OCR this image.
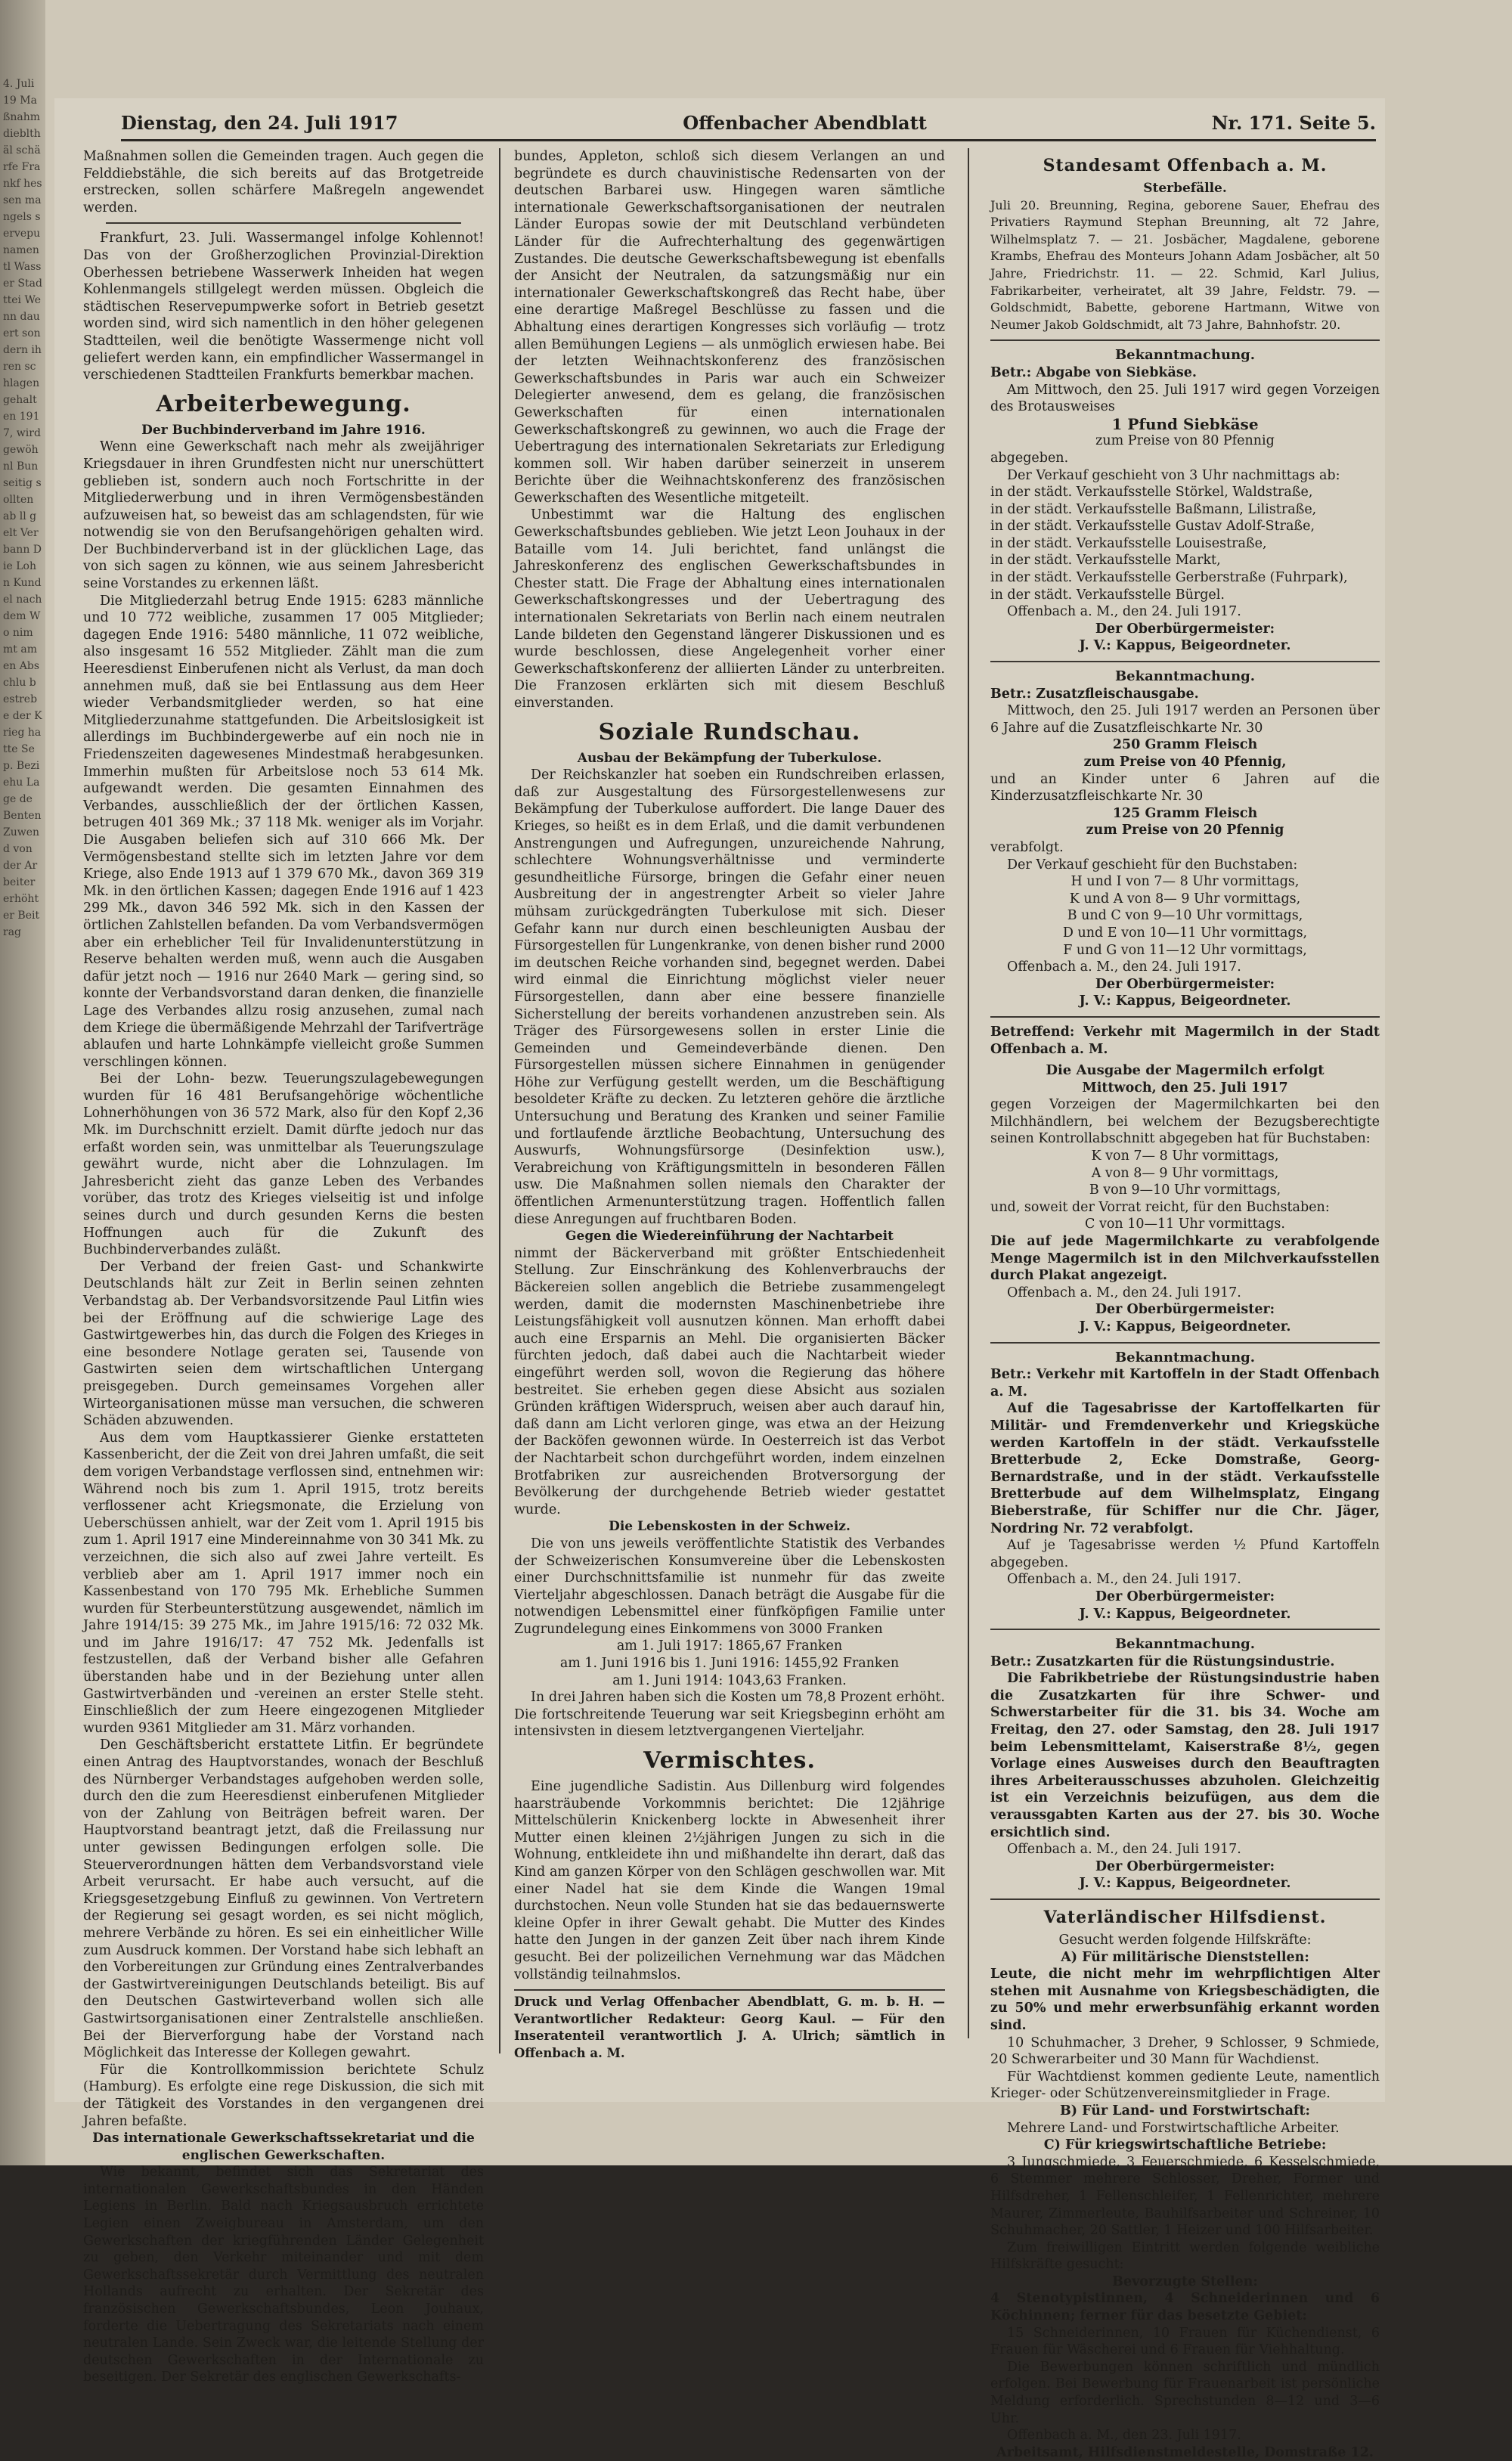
4. Juli 19 Maßnahm dieblthäl schärfe Frankf hessen mangels servepu namentl Wasser Stadttei Wenn dauert sondern ihren schlagen gehalten 1917, wird gewöhnl Bunseitig sollten ab ll gelt Verbann Die Lohn Kundel nach dem Wo nimmt amen Abschlu bestrebe der Krieg hatte Sep. Beziehu Lage de Benten Zuwend von der Arbeiter erhöhter Beitrag
Dienstag, den 24. Juli 1917	Offenbacher Abendblatt	Nr. 171. Seite 5.

Maßnahmen sollen die Gemeinden tragen. Auch gegen die Felddiebstähle, die sich bereits auf das Brotgetreide erstrecken, sollen schärfere Maßregeln angewendet werden.

Frankfurt, 23. Juli. Wassermangel infolge Kohlennot! Das von der Großherzoglichen Provinzial-Direktion Oberhessen betriebene Wasserwerk Inheiden hat wegen Kohlenmangels stillgelegt werden müssen. Obgleich die städtischen Reservepumpwerke sofort in Betrieb gesetzt worden sind, wird sich namentlich in den höher gelegenen Stadtteilen, weil die benötigte Wassermenge nicht voll geliefert werden kann, ein empfindlicher Wassermangel in verschiedenen Stadtteilen Frankfurts bemerkbar machen.

Arbeiterbewegung.
Der Buchbinderverband im Jahre 1916.

Wenn eine Gewerkschaft nach mehr als zweijähriger Kriegsdauer in ihren Grundfesten nicht nur unerschüttert geblieben ist, sondern auch noch Fortschritte in der Mitgliederwerbung und in ihren Vermögensbeständen aufzuweisen hat, so beweist das am schlagendsten, für wie notwendig sie von den Berufsangehörigen gehalten wird. Der Buchbinderverband ist in der glücklichen Lage, das von sich sagen zu können, wie aus seinem Jahresbericht seine Vorstandes zu erkennen läßt.

Die Mitgliederzahl betrug Ende 1915: 6283 männliche und 10 772 weibliche, zusammen 17 005 Mitglieder; dagegen Ende 1916: 5480 männliche, 11 072 weibliche, also insgesamt 16 552 Mitglieder. Zählt man die zum Heeresdienst Einberufenen nicht als Verlust, da man doch annehmen muß, daß sie bei Entlassung aus dem Heer wieder Verbandsmitglieder werden, so hat eine Mitgliederzunahme stattgefunden. Die Arbeitslosigkeit ist allerdings im Buchbindergewerbe auf ein noch nie in Friedenszeiten dagewesenes Mindestmaß herabgesunken. Immerhin mußten für Arbeitslose noch 53 614 Mk. aufgewandt werden. Die gesamten Einnahmen des Verbandes, ausschließlich der der örtlichen Kassen, betrugen 401 369 Mk.; 37 118 Mk. weniger als im Vorjahr. Die Ausgaben beliefen sich auf 310 666 Mk. Der Vermögensbestand stellte sich im letzten Jahre vor dem Kriege, also Ende 1913 auf 1 379 670 Mk., davon 369 319 Mk. in den örtlichen Kassen; dagegen Ende 1916 auf 1 423 299 Mk., davon 346 592 Mk. sich in den Kassen der örtlichen Zahlstellen befanden. Da vom Verbandsvermögen aber ein erheblicher Teil für Invalidenunterstützung in Reserve behalten werden muß, wenn auch die Ausgaben dafür jetzt noch — 1916 nur 2640 Mark — gering sind, so konnte der Verbandsvorstand daran denken, die finanzielle Lage des Verbandes allzu rosig anzusehen, zumal nach dem Kriege die übermäßigende Mehrzahl der Tarifverträge ablaufen und harte Lohnkämpfe vielleicht große Summen verschlingen können.

Bei der Lohn- bezw. Teuerungszulagebewegungen wurden für 16 481 Berufsangehörige wöchentliche Lohnerhöhungen von 36 572 Mark, also für den Kopf 2,36 Mk. im Durchschnitt erzielt. Damit dürfte jedoch nur das erfaßt worden sein, was unmittelbar als Teuerungszulage gewährt wurde, nicht aber die Lohnzulagen. Im Jahresbericht zieht das ganze Leben des Verbandes vorüber, das trotz des Krieges vielseitig ist und infolge seines durch und durch gesunden Kerns die besten Hoffnungen auch für die Zukunft des Buchbinderverbandes zuläßt.

Der Verband der freien Gast- und Schankwirte Deutschlands hält zur Zeit in Berlin seinen zehnten Verbandstag ab. Der Verbandsvorsitzende Paul Litfin wies bei der Eröffnung auf die schwierige Lage des Gastwirtgewerbes hin, das durch die Folgen des Krieges in eine besondere Notlage geraten sei, Tausende von Gastwirten seien dem wirtschaftlichen Untergang preisgegeben. Durch gemeinsames Vorgehen aller Wirteorganisationen müsse man versuchen, die schweren Schäden abzuwenden.

Aus dem vom Hauptkassierer Gienke erstatteten Kassenbericht, der die Zeit von drei Jahren umfaßt, die seit dem vorigen Verbandstage verflossen sind, entnehmen wir: Während noch bis zum 1. April 1915, trotz bereits verflossener acht Kriegsmonate, die Erzielung von Ueberschüssen anhielt, war der Zeit vom 1. April 1915 bis zum 1. April 1917 eine Mindereinnahme von 30 341 Mk. zu verzeichnen, die sich also auf zwei Jahre verteilt. Es verblieb aber am 1. April 1917 immer noch ein Kassenbestand von 170 795 Mk. Erhebliche Summen wurden für Sterbeunterstützung ausgewendet, nämlich im Jahre 1914/15: 39 275 Mk., im Jahre 1915/16: 72 032 Mk. und im Jahre 1916/17: 47 752 Mk. Jedenfalls ist festzustellen, daß der Verband bisher alle Gefahren überstanden habe und in der Beziehung unter allen Gastwirtverbänden und -vereinen an erster Stelle steht. Einschließlich der zum Heere eingezogenen Mitglieder wurden 9361 Mitglieder am 31. März vorhanden.

Den Geschäftsbericht erstattete Litfin. Er begründete einen Antrag des Hauptvorstandes, wonach der Beschluß des Nürnberger Verbandstages aufgehoben werden solle, durch den die zum Heeresdienst einberufenen Mitglieder von der Zahlung von Beiträgen befreit waren. Der Hauptvorstand beantragt jetzt, daß die Freilassung nur unter gewissen Bedingungen erfolgen solle. Die Steuerverordnungen hätten dem Verbandsvorstand viele Arbeit verursacht. Er habe auch versucht, auf die Kriegsgesetzgebung Einfluß zu gewinnen. Von Vertretern der Regierung sei gesagt worden, es sei nicht möglich, mehrere Verbände zu hören. Es sei ein einheitlicher Wille zum Ausdruck kommen. Der Vorstand habe sich lebhaft an den Vorbereitungen zur Gründung eines Zentralverbandes der Gastwirtvereinigungen Deutschlands beteiligt. Bis auf den Deutschen Gastwirteverband wollen sich alle Gastwirtsorganisationen einer Zentralstelle anschließen. Bei der Bierverforgung habe der Vorstand nach Möglichkeit das Interesse der Kollegen gewahrt.

Für die Kontrollkommission berichtete Schulz (Hamburg). Es erfolgte eine rege Diskussion, die sich mit der Tätigkeit des Vorstandes in den vergangenen drei Jahren befaßte.

Das internationale Gewerkschaftssekretariat und die englischen Gewerkschaften.

Wie bekannt, befindet sich das Sekretariat des internationalen Gewerkschaftsbundes in den Händen Legiens in Berlin. Bald nach Kriegsausbruch errichtete Legien einen Zweigbureau in Amsterdam, um den Gewerkschaften der kriegführenden Länder Gelegenheit zu geben, den Verkehr miteinander und mit dem Gewerkschaftssekretär durch Vermittlung des neutralen Hollands aufrecht zu erhalten. Der Sekretär des französischen Gewerkschaftsbundes, Leon Jouhaux, forderte die Uebertragung des Sekretariats nach einem neutralen Lande. Sein Zweck war, die leitende Stellung der deutschen Gewerkschaften in der Internationale zu beseitigen. Der Sekretär des englischen Gewerkschafts-

bundes, Appleton, schloß sich diesem Verlangen an und begründete es durch chauvinistische Redensarten von der deutschen Barbarei usw. Hingegen waren sämtliche internationale Gewerkschaftsorganisationen der neutralen Länder Europas sowie der mit Deutschland verbündeten Länder für die Aufrechterhaltung des gegenwärtigen Zustandes. Die deutsche Gewerkschaftsbewegung ist ebenfalls der Ansicht der Neutralen, da satzungsmäßig nur ein internationaler Gewerkschaftskongreß das Recht habe, über eine derartige Maßregel Beschlüsse zu fassen und die Abhaltung eines derartigen Kongresses sich vorläufig — trotz allen Bemühungen Legiens — als unmöglich erwiesen habe. Bei der letzten Weihnachtskonferenz des französischen Gewerkschaftsbundes in Paris war auch ein Schweizer Delegierter anwesend, dem es gelang, die französischen Gewerkschaften für einen internationalen Gewerkschaftskongreß zu gewinnen, wo auch die Frage der Uebertragung des internationalen Sekretariats zur Erledigung kommen soll. Wir haben darüber seinerzeit in unserem Berichte über die Weihnachtskonferenz des französischen Gewerkschaften des Wesentliche mitgeteilt.

Unbestimmt war die Haltung des englischen Gewerkschaftsbundes geblieben. Wie jetzt Leon Jouhaux in der Bataille vom 14. Juli berichtet, fand unlängst die Jahreskonferenz des englischen Gewerkschaftsbundes in Chester statt. Die Frage der Abhaltung eines internationalen Gewerkschaftskongresses und der Uebertragung des internationalen Sekretariats von Berlin nach einem neutralen Lande bildeten den Gegenstand längerer Diskussionen und es wurde beschlossen, diese Angelegenheit vorher einer Gewerkschaftskonferenz der alliierten Länder zu unterbreiten. Die Franzosen erklärten sich mit diesem Beschluß einverstanden.

Soziale Rundschau.
Ausbau der Bekämpfung der Tuberkulose.

Der Reichskanzler hat soeben ein Rundschreiben erlassen, daß zur Ausgestaltung des Fürsorgestellenwesens zur Bekämpfung der Tuberkulose auffordert. Die lange Dauer des Krieges, so heißt es in dem Erlaß, und die damit verbundenen Anstrengungen und Aufregungen, unzureichende Nahrung, schlechtere Wohnungsverhältnisse und verminderte gesundheitliche Fürsorge, bringen die Gefahr einer neuen Ausbreitung der in angestrengter Arbeit so vieler Jahre mühsam zurückgedrängten Tuberkulose mit sich. Dieser Gefahr kann nur durch einen beschleunigten Ausbau der Fürsorgestellen für Lungenkranke, von denen bisher rund 2000 im deutschen Reiche vorhanden sind, begegnet werden. Dabei wird einmal die Einrichtung möglichst vieler neuer Fürsorgestellen, dann aber eine bessere finanzielle Sicherstellung der bereits vorhandenen anzustreben sein. Als Träger des Fürsorgewesens sollen in erster Linie die Gemeinden und Gemeindeverbände dienen. Den Fürsorgestellen müssen sichere Einnahmen in genügender Höhe zur Verfügung gestellt werden, um die Beschäftigung besoldeter Kräfte zu decken. Zu letzteren gehöre die ärztliche Untersuchung und Beratung des Kranken und seiner Familie und fortlaufende ärztliche Beobachtung, Untersuchung des Auswurfs, Wohnungsfürsorge (Desinfektion usw.), Verabreichung von Kräftigungsmitteln in besonderen Fällen usw. Die Maßnahmen sollen niemals den Charakter der öffentlichen Armenunterstützung tragen. Hoffentlich fallen diese Anregungen auf fruchtbaren Boden.

Gegen die Wiedereinführung der Nachtarbeit

nimmt der Bäckerverband mit größter Entschiedenheit Stellung. Zur Einschränkung des Kohlenverbrauchs der Bäckereien sollen angeblich die Betriebe zusammengelegt werden, damit die modernsten Maschinenbetriebe ihre Leistungsfähigkeit voll ausnutzen können. Man erhofft dabei auch eine Ersparnis an Mehl. Die organisierten Bäcker fürchten jedoch, daß dabei auch die Nachtarbeit wieder eingeführt werden soll, wovon die Regierung das höhere bestreitet. Sie erheben gegen diese Absicht aus sozialen Gründen kräftigen Widerspruch, weisen aber auch darauf hin, daß dann am Licht verloren ginge, was etwa an der Heizung der Backöfen gewonnen würde. In Oesterreich ist das Verbot der Nachtarbeit schon durchgeführt worden, indem einzelnen Brotfabriken zur ausreichenden Brotversorgung der Bevölkerung der durchgehende Betrieb wieder gestattet wurde.

Die Lebenskosten in der Schweiz.

Die von uns jeweils veröffentlichte Statistik des Verbandes der Schweizerischen Konsumvereine über die Lebenskosten einer Durchschnittsfamilie ist nunmehr für das zweite Vierteljahr abgeschlossen. Danach beträgt die Ausgabe für die notwendigen Lebensmittel einer fünfköpfigen Familie unter Zugrundelegung eines Einkommens von 3000 Franken

am 1. Juli 1917: 1865,67 Franken

am 1. Juni 1916 bis 1. Juni 1916: 1455,92 Franken

am 1. Juni 1914: 1043,63 Franken.

In drei Jahren haben sich die Kosten um 78,8 Prozent erhöht. Die fortschreitende Teuerung war seit Kriegsbeginn erhöht am intensivsten in diesem letztvergangenen Vierteljahr.

Vermischtes.

Eine jugendliche Sadistin. Aus Dillenburg wird folgendes haarsträubende Vorkommnis berichtet: Die 12jährige Mittelschülerin Knickenberg lockte in Abwesenheit ihrer Mutter einen kleinen 2½jährigen Jungen zu sich in die Wohnung, entkleidete ihn und mißhandelte ihn derart, daß das Kind am ganzen Körper von den Schlägen geschwollen war. Mit einer Nadel hat sie dem Kinde die Wangen 19mal durchstochen. Neun volle Stunden hat sie das bedauernswerte kleine Opfer in ihrer Gewalt gehabt. Die Mutter des Kindes hatte den Jungen in der ganzen Zeit über nach ihrem Kinde gesucht. Bei der polizeilichen Vernehmung war das Mädchen vollständig teilnahmslos.

Druck und Verlag Offenbacher Abendblatt, G. m. b. H. — Verantwortlicher Redakteur: Georg Kaul. — Für den Inseratenteil verantwortlich J. A. Ulrich; sämtlich in Offenbach a. M.
Standesamt Offenbach a. M.
Sterbefälle.

Juli 20. Breunning, Regina, geborene Sauer, Ehefrau des Privatiers Raymund Stephan Breunning, alt 72 Jahre, Wilhelmsplatz 7. — 21. Josbächer, Magdalene, geborene Krambs, Ehefrau des Monteurs Johann Adam Josbächer, alt 50 Jahre, Friedrichstr. 11. — 22. Schmid, Karl Julius, Fabrikarbeiter, verheiratet, alt 39 Jahre, Feldstr. 79. — Goldschmidt, Babette, geborene Hartmann, Witwe von Neumer Jakob Goldschmidt, alt 73 Jahre, Bahnhofstr. 20.

Bekanntmachung.

Betr.: Abgabe von Siebkäse.

Am Mittwoch, den 25. Juli 1917 wird gegen Vorzeigen des Brotausweises

1 Pfund Siebkäse

zum Preise von 80 Pfennig

abgegeben.

Der Verkauf geschieht von 3 Uhr nachmittags ab:

in der städt. Verkaufsstelle Störkel, Waldstraße,

in der städt. Verkaufsstelle Baßmann, Lilistraße,

in der städt. Verkaufsstelle Gustav Adolf-Straße,

in der städt. Verkaufsstelle Louisestraße,

in der städt. Verkaufsstelle Markt,

in der städt. Verkaufsstelle Gerberstraße (Fuhrpark),

in der städt. Verkaufsstelle Bürgel.

Offenbach a. M., den 24. Juli 1917.

Der Oberbürgermeister:

J. V.: Kappus, Beigeordneter.

Bekanntmachung.

Betr.: Zusatzfleischausgabe.

Mittwoch, den 25. Juli 1917 werden an Personen über 6 Jahre auf die Zusatzfleischkarte Nr. 30

250 Gramm Fleisch

zum Preise von 40 Pfennig,

und an Kinder unter 6 Jahren auf die Kinderzusatzfleischkarte Nr. 30

125 Gramm Fleisch

zum Preise von 20 Pfennig

verabfolgt.

Der Verkauf geschieht für den Buchstaben:

H und I von 7— 8 Uhr vormittags,

K und A von 8— 9 Uhr vormittags,

B und C von 9—10 Uhr vormittags,

D und E von 10—11 Uhr vormittags,

F und G von 11—12 Uhr vormittags,

Offenbach a. M., den 24. Juli 1917.

Der Oberbürgermeister:

J. V.: Kappus, Beigeordneter.

Betreffend: Verkehr mit Magermilch in der Stadt Offenbach a. M.

Die Ausgabe der Magermilch erfolgt

Mittwoch, den 25. Juli 1917

gegen Vorzeigen der Magermilchkarten bei den Milchhändlern, bei welchem der Bezugsberechtigte seinen Kontrollabschnitt abgegeben hat für Buchstaben:

K von 7— 8 Uhr vormittags,

A von 8— 9 Uhr vormittags,

B von 9—10 Uhr vormittags,

und, soweit der Vorrat reicht, für den Buchstaben:

C von 10—11 Uhr vormittags.

Die auf jede Magermilchkarte zu verabfolgende Menge Magermilch ist in den Milchverkaufsstellen durch Plakat angezeigt.

Offenbach a. M., den 24. Juli 1917.

Der Oberbürgermeister:

J. V.: Kappus, Beigeordneter.

Bekanntmachung.

Betr.: Verkehr mit Kartoffeln in der Stadt Offenbach a. M.

Auf die Tagesabrisse der Kartoffelkarten für Militär- und Fremdenverkehr und Kriegsküche werden Kartoffeln in der städt. Verkaufsstelle Bretterbude 2, Ecke Domstraße, Georg-Bernardstraße, und in der städt. Verkaufsstelle Bretterbude auf dem Wilhelmsplatz, Eingang Bieberstraße, für Schiffer nur die Chr. Jäger, Nordring Nr. 72 verabfolgt.

Auf je Tagesabrisse werden ½ Pfund Kartoffeln abgegeben.

Offenbach a. M., den 24. Juli 1917.

Der Oberbürgermeister:

J. V.: Kappus, Beigeordneter.

Bekanntmachung.

Betr.: Zusatzkarten für die Rüstungsindustrie.

Die Fabrikbetriebe der Rüstungsindustrie haben die Zusatzkarten für ihre Schwer- und Schwerstarbeiter für die 31. bis 34. Woche am Freitag, den 27. oder Samstag, den 28. Juli 1917 beim Lebensmittelamt, Kaiserstraße 8½, gegen Vorlage eines Ausweises durch den Beauftragten ihres Arbeiterausschusses abzuholen. Gleichzeitig ist ein Verzeichnis beizufügen, aus dem die veraussgabten Karten aus der 27. bis 30. Woche ersichtlich sind.

Offenbach a. M., den 24. Juli 1917.

Der Oberbürgermeister:

J. V.: Kappus, Beigeordneter.

Vaterländischer Hilfsdienst.

Gesucht werden folgende Hilfskräfte:

A) Für militärische Dienststellen:

Leute, die nicht mehr im wehrpflichtigen Alter stehen mit Ausnahme von Kriegsbeschädigten, die zu 50% und mehr erwerbsunfähig erkannt worden sind.

10 Schuhmacher, 3 Dreher, 9 Schlosser, 9 Schmiede, 20 Schwerarbeiter und 30 Mann für Wachdienst.

Für Wachtdienst kommen gediente Leute, namentlich Krieger- oder Schützenvereinsmitglieder in Frage.

B) Für Land- und Forstwirtschaft:

Mehrere Land- und Forstwirtschaftliche Arbeiter.

C) Für kriegswirtschaftliche Betriebe:

3 Jungschmiede, 3 Feuerschmiede, 6 Kesselschmiede, 6 Stemmer mehrere Schlosser, Dreher, Former und Hilfsdreher, 1 Fellenschleifer, 1 Fellenrichter, mehrere Maurer, Zimmerleute, Bauhilfsarbeiter und Schreiner, 10 Schuhmacher, 20 Sattler, 1 Heizer und 100 Hilfsarbeiter.

Zum freiwilligen Eintritt werden folgende weibliche Hilfskräfte gesucht:

Bevorzugte Stellen:

4 Stenotypistinnen, 4 Schneiderinnen und 6 Köchinnen; ferner für das besetzte Gebiet:

15 Schneiderinnen, 10 Frauen für Küchendienst, 6 Frauen für Wäscherei und 6 Frauen für Viehhaltung.

Die Bewerbungen können schriftlich und mündlich erfolgen. Bei Bewerbung für Frauenarbeit ist persönliche Meldung erforderlich. Sprechstunden 8—12 und 3—6 Uhr.

Offenbach a. M., den 23. Juli 1917.

Arbeitsamt, Hilfsdienstmeldestelle, Domstraße 12.
